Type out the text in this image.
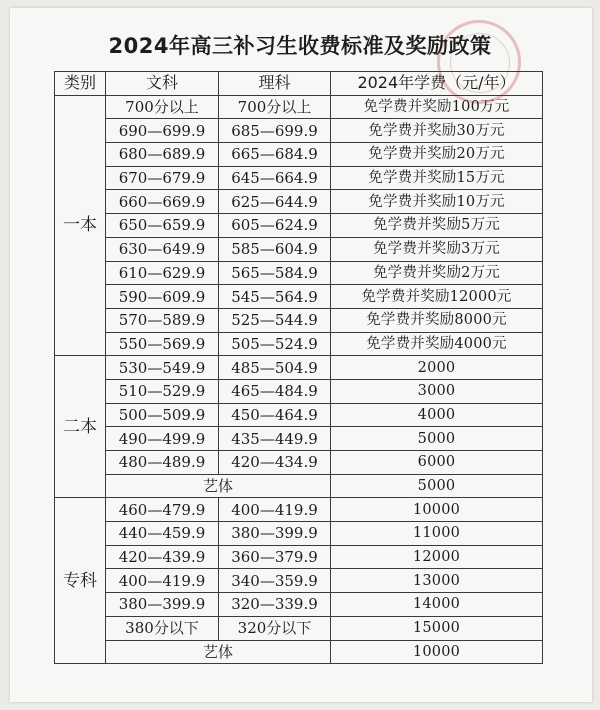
2024年高三补习生收费标准及奖励政策
类别	文科	理科	2024年学费（元/年）
一本	700分以上	700分以上	免学费并奖励100万元
	690—699.9	685—699.9	免学费并奖励30万元
	680—689.9	665—684.9	免学费并奖励20万元
	670—679.9	645—664.9	免学费并奖励15万元
	660—669.9	625—644.9	免学费并奖励10万元
	650—659.9	605—624.9	免学费并奖励5万元
	630—649.9	585—604.9	免学费并奖励3万元
	610—629.9	565—584.9	免学费并奖励2万元
	590—609.9	545—564.9	免学费并奖励12000元
	570—589.9	525—544.9	免学费并奖励8000元
	550—569.9	505—524.9	免学费并奖励4000元
二本	530—549.9	485—504.9	2000
	510—529.9	465—484.9	3000
	500—509.9	450—464.9	4000
	490—499.9	435—449.9	5000
	480—489.9	420—434.9	6000
	艺体		5000
专科	460—479.9	400—419.9	10000
	440—459.9	380—399.9	11000
	420—439.9	360—379.9	12000
	400—419.9	340—359.9	13000
	380—399.9	320—339.9	14000
	380分以下	320分以下	15000
	艺体		10000
